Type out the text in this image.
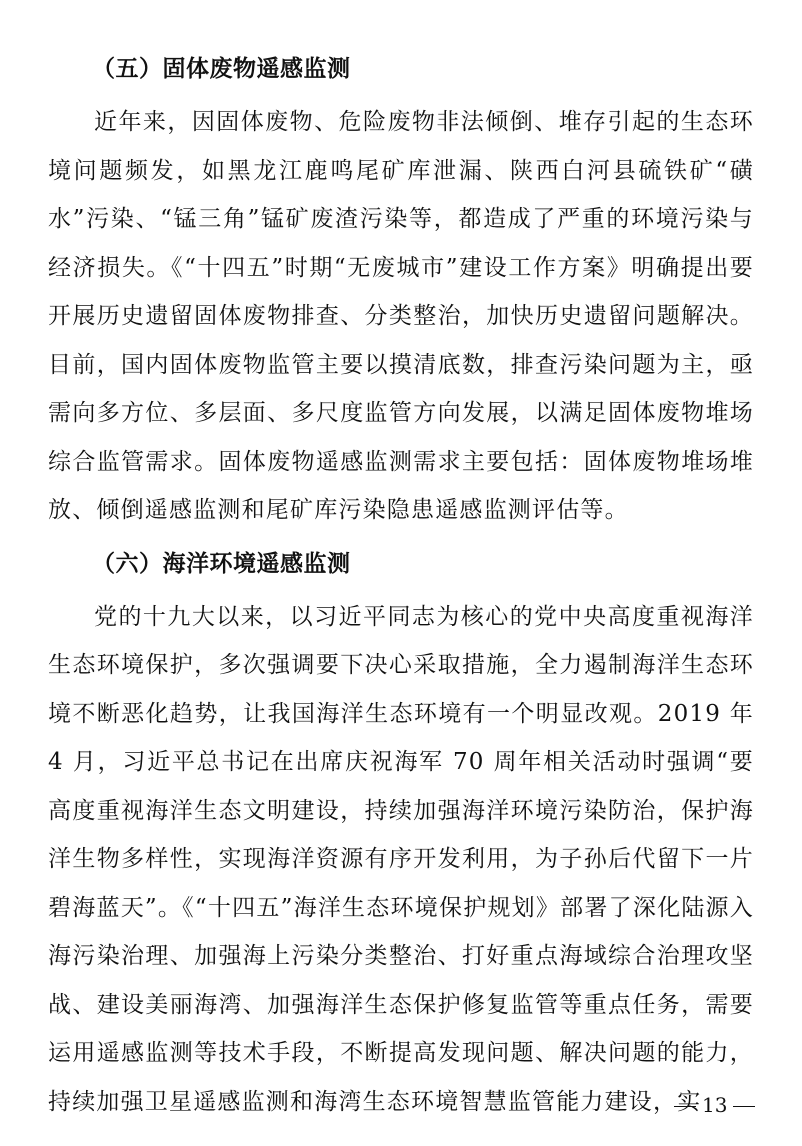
（五）固体废物遥感监测

近年来，因固体废物、危险废物非法倾倒、堆存引起的生态环境问题频发，如黑龙江鹿鸣尾矿库泄漏、陕西白河县硫铁矿“磺水”污染、“锰三角”锰矿废渣污染等，都造成了严重的环境污染与经济损失。《“十四五”时期“无废城市”建设工作方案》明确提出要开展历史遗留固体废物排查、分类整治，加快历史遗留问题解决。目前，国内固体废物监管主要以摸清底数，排查污染问题为主，亟需向多方位、多层面、多尺度监管方向发展，以满足固体废物堆场综合监管需求。固体废物遥感监测需求主要包括：固体废物堆场堆放、倾倒遥感监测和尾矿库污染隐患遥感监测评估等。

（六）海洋环境遥感监测

党的十九大以来，以习近平同志为核心的党中央高度重视海洋生态环境保护，多次强调要下决心采取措施，全力遏制海洋生态环境不断恶化趋势，让我国海洋生态环境有一个明显改观。2019 年 4 月，习近平总书记在出席庆祝海军 70 周年相关活动时强调“要高度重视海洋生态文明建设，持续加强海洋环境污染防治，保护海洋生物多样性，实现海洋资源有序开发利用，为子孙后代留下一片碧海蓝天”。《“十四五”海洋生态环境保护规划》部署了深化陆源入海污染治理、加强海上污染分类整治、打好重点海域综合治理攻坚战、建设美丽海湾、加强海洋生态保护修复监管等重点任务，需要运用遥感监测等技术手段，不断提高发现问题、解决问题的能力，持续加强卫星遥感监测和海湾生态环境智慧监管能力建设，实 13
